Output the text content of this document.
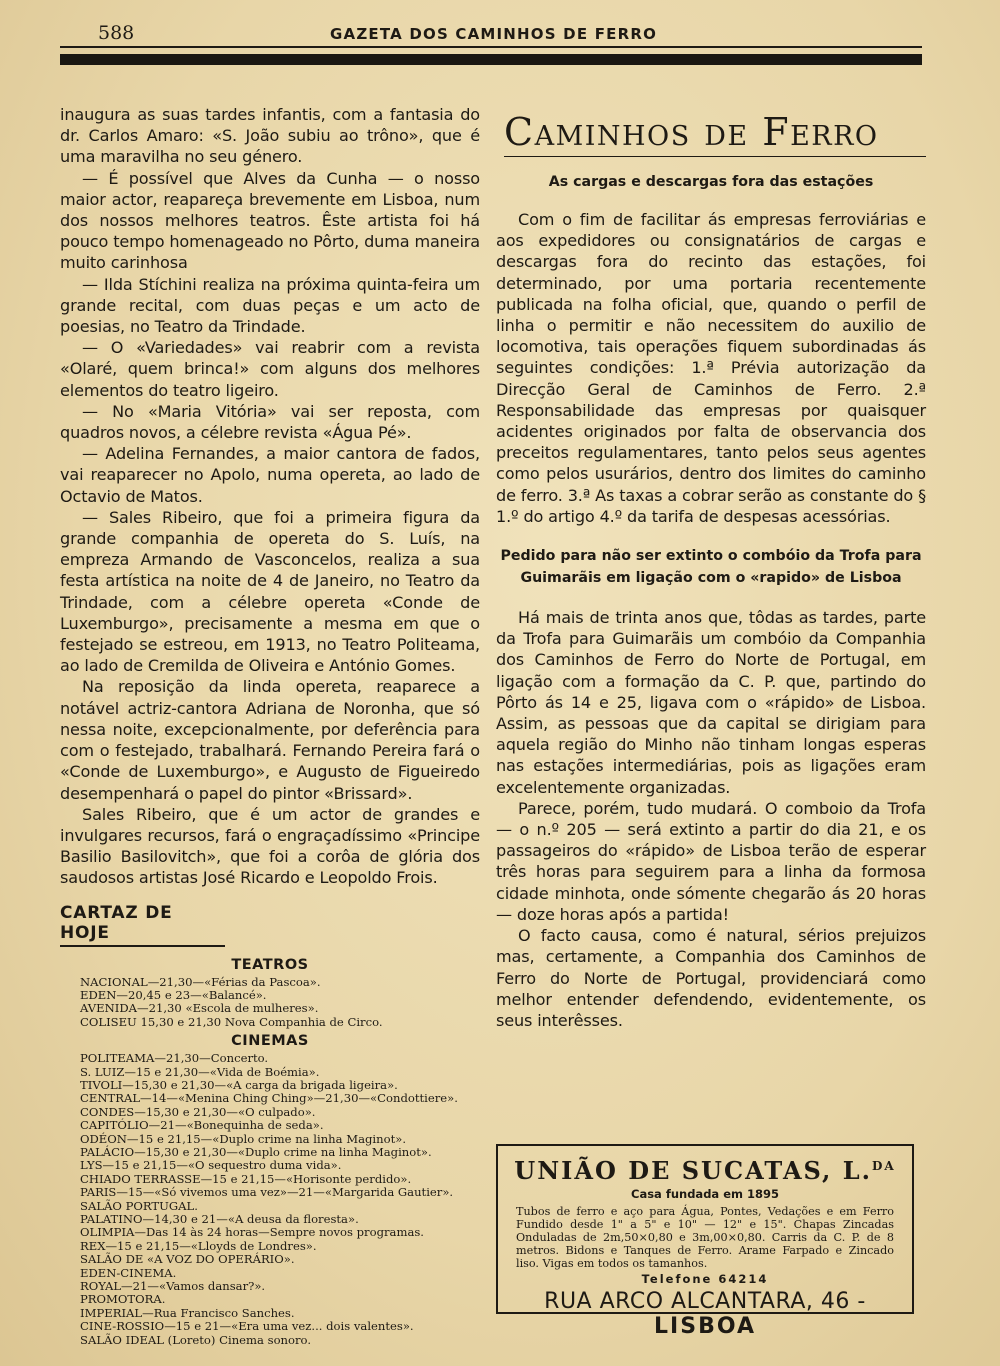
588	GAZETA DOS CAMINHOS DE FERRO

inaugura as suas tardes infantis, com a fantasia do dr. Carlos Amaro: «S. João subiu ao trôno», que é uma maravilha no seu género.

— É possível que Alves da Cunha — o nosso maior actor, reapareça brevemente em Lisboa, num dos nossos melhores teatros. Êste artista foi há pouco tempo homenageado no Pôrto, duma maneira muito carinhosa

— Ilda Stíchini realiza na próxima quinta-feira um grande recital, com duas peças e um acto de poesias, no Teatro da Trindade.

— O «Variedades» vai reabrir com a revista «Olaré, quem brinca!» com alguns dos melhores elementos do teatro ligeiro.

— No «Maria Vitória» vai ser reposta, com quadros novos, a célebre revista «Água Pé».

— Adelina Fernandes, a maior cantora de fados, vai reaparecer no Apolo, numa opereta, ao lado de Octavio de Matos.

— Sales Ribeiro, que foi a primeira figura da grande companhia de opereta do S. Luís, na empreza Armando de Vasconcelos, realiza a sua festa artística na noite de 4 de Janeiro, no Teatro da Trindade, com a célebre opereta «Conde de Luxemburgo», precisamente a mesma em que o festejado se estreou, em 1913, no Teatro Politeama, ao lado de Cremilda de Oliveira e António Gomes.

Na reposição da linda opereta, reaparece a notável actriz-cantora Adriana de Noronha, que só nessa noite, excepcionalmente, por deferência para com o festejado, trabalhará. Fernando Pereira fará o «Conde de Luxemburgo», e Augusto de Figueiredo desempenhará o papel do pintor «Brissard».

Sales Ribeiro, que é um actor de grandes e invulgares recursos, fará o engraçadíssimo «Principe Basilio Basilovitch», que foi a corôa de glória dos saudosos artistas José Ricardo e Leopoldo Frois.

CARTAZ DE HOJE
TEATROS
NACIONAL—21,30—«Férias da Pascoa».
EDEN—20,45 e 23—«Balancé».
AVENIDA—21,30 «Escola de mulheres».
COLISEU 15,30 e 21,30 Nova Companhia de Circo.
CINEMAS
POLITEAMA—21,30—Concerto.
S. LUIZ—15 e 21,30—«Vida de Boémia».
TIVOLI—15,30 e 21,30—«A carga da brigada ligeira».
CENTRAL—14—«Menina Ching Ching»—21,30—«Condottiere».
CONDES—15,30 e 21,30—«O culpado».
CAPITÓLIO—21—«Bonequinha de seda».
ODÉON—15 e 21,15—«Duplo crime na linha Maginot».
PALÁCIO—15,30 e 21,30—«Duplo crime na linha Maginot».
LYS—15 e 21,15—«O sequestro duma vida».
CHIADO TERRASSE—15 e 21,15—«Horisonte perdido».
PARIS—15—«Só vivemos uma vez»—21—«Margarida Gautier».
SALÃO PORTUGAL.
PALATINO—14,30 e 21—«A deusa da floresta».
OLIMPIA—Das 14 às 24 horas—Sempre novos programas.
REX—15 e 21,15—«Lloyds de Londres».
SALÃO DE «A VOZ DO OPERÁRIO».
EDEN-CINEMA.
ROYAL—21—«Vamos dansar?».
PROMOTORA.
IMPERIAL—Rua Francisco Sanches.
CINE-ROSSIO—15 e 21—«Era uma vez... dois valentes».
SALÃO IDEAL (Loreto) Cinema sonoro.
Caminhos de Ferro
As cargas e descargas fora das estações

Com o fim de facilitar ás empresas ferroviárias e aos expedidores ou consignatários de cargas e descargas fora do recinto das estações, foi determinado, por uma portaria recentemente publicada na folha oficial, que, quando o perfil de linha o permitir e não necessitem do auxilio de locomotiva, tais operações fiquem subordinadas ás seguintes condições: 1.ª Prévia autorização da Direcção Geral de Caminhos de Ferro. 2.ª Responsabilidade das empresas por quaisquer acidentes originados por falta de observancia dos preceitos regulamentares, tanto pelos seus agentes como pelos usurários, dentro dos limites do caminho de ferro. 3.ª As taxas a cobrar serão as constante do § 1.º do artigo 4.º da tarifa de despesas acessórias.

Pedido para não ser extinto o combóio da Trofa para
Guimarãis em ligação com o «rapido» de Lisboa

Há mais de trinta anos que, tôdas as tardes, parte da Trofa para Guimarãis um combóio da Companhia dos Caminhos de Ferro do Norte de Portugal, em ligação com a formação da C. P. que, partindo do Pôrto ás 14 e 25, ligava com o «rápido» de Lisboa. Assim, as pessoas que da capital se dirigiam para aquela região do Minho não tinham longas esperas nas estações intermediárias, pois as ligações eram excelentemente organizadas.

Parece, porém, tudo mudará. O comboio da Trofa — o n.º 205 — será extinto a partir do dia 21, e os passageiros do «rápido» de Lisboa terão de esperar três horas para seguirem para a linha da formosa cidade minhota, onde sómente chegarão ás 20 horas — doze horas após a partida!

O facto causa, como é natural, sérios prejuizos mas, certamente, a Companhia dos Caminhos de Ferro do Norte de Portugal, providenciará como melhor entender defendendo, evidentemente, os seus interêsses.

UNIÃO DE SUCATAS, L.$^{DA}$
Casa fundada em 1895
Tubos de ferro e aço para Água, Pontes, Vedações e em Ferro Fundido desde 1" a 5" e 10" — 12" e 15". Chapas Zincadas Onduladas de 2m,50×0,80 e 3m,00×0,80. Carris da C. P. de 8 metros. Bidons e Tanques de Ferro. Arame Farpado e Zincado liso. Vigas em todos os tamanhos.
Telefone 64214
RUA ARCO ALCANTARA, 46 - LISBOA
